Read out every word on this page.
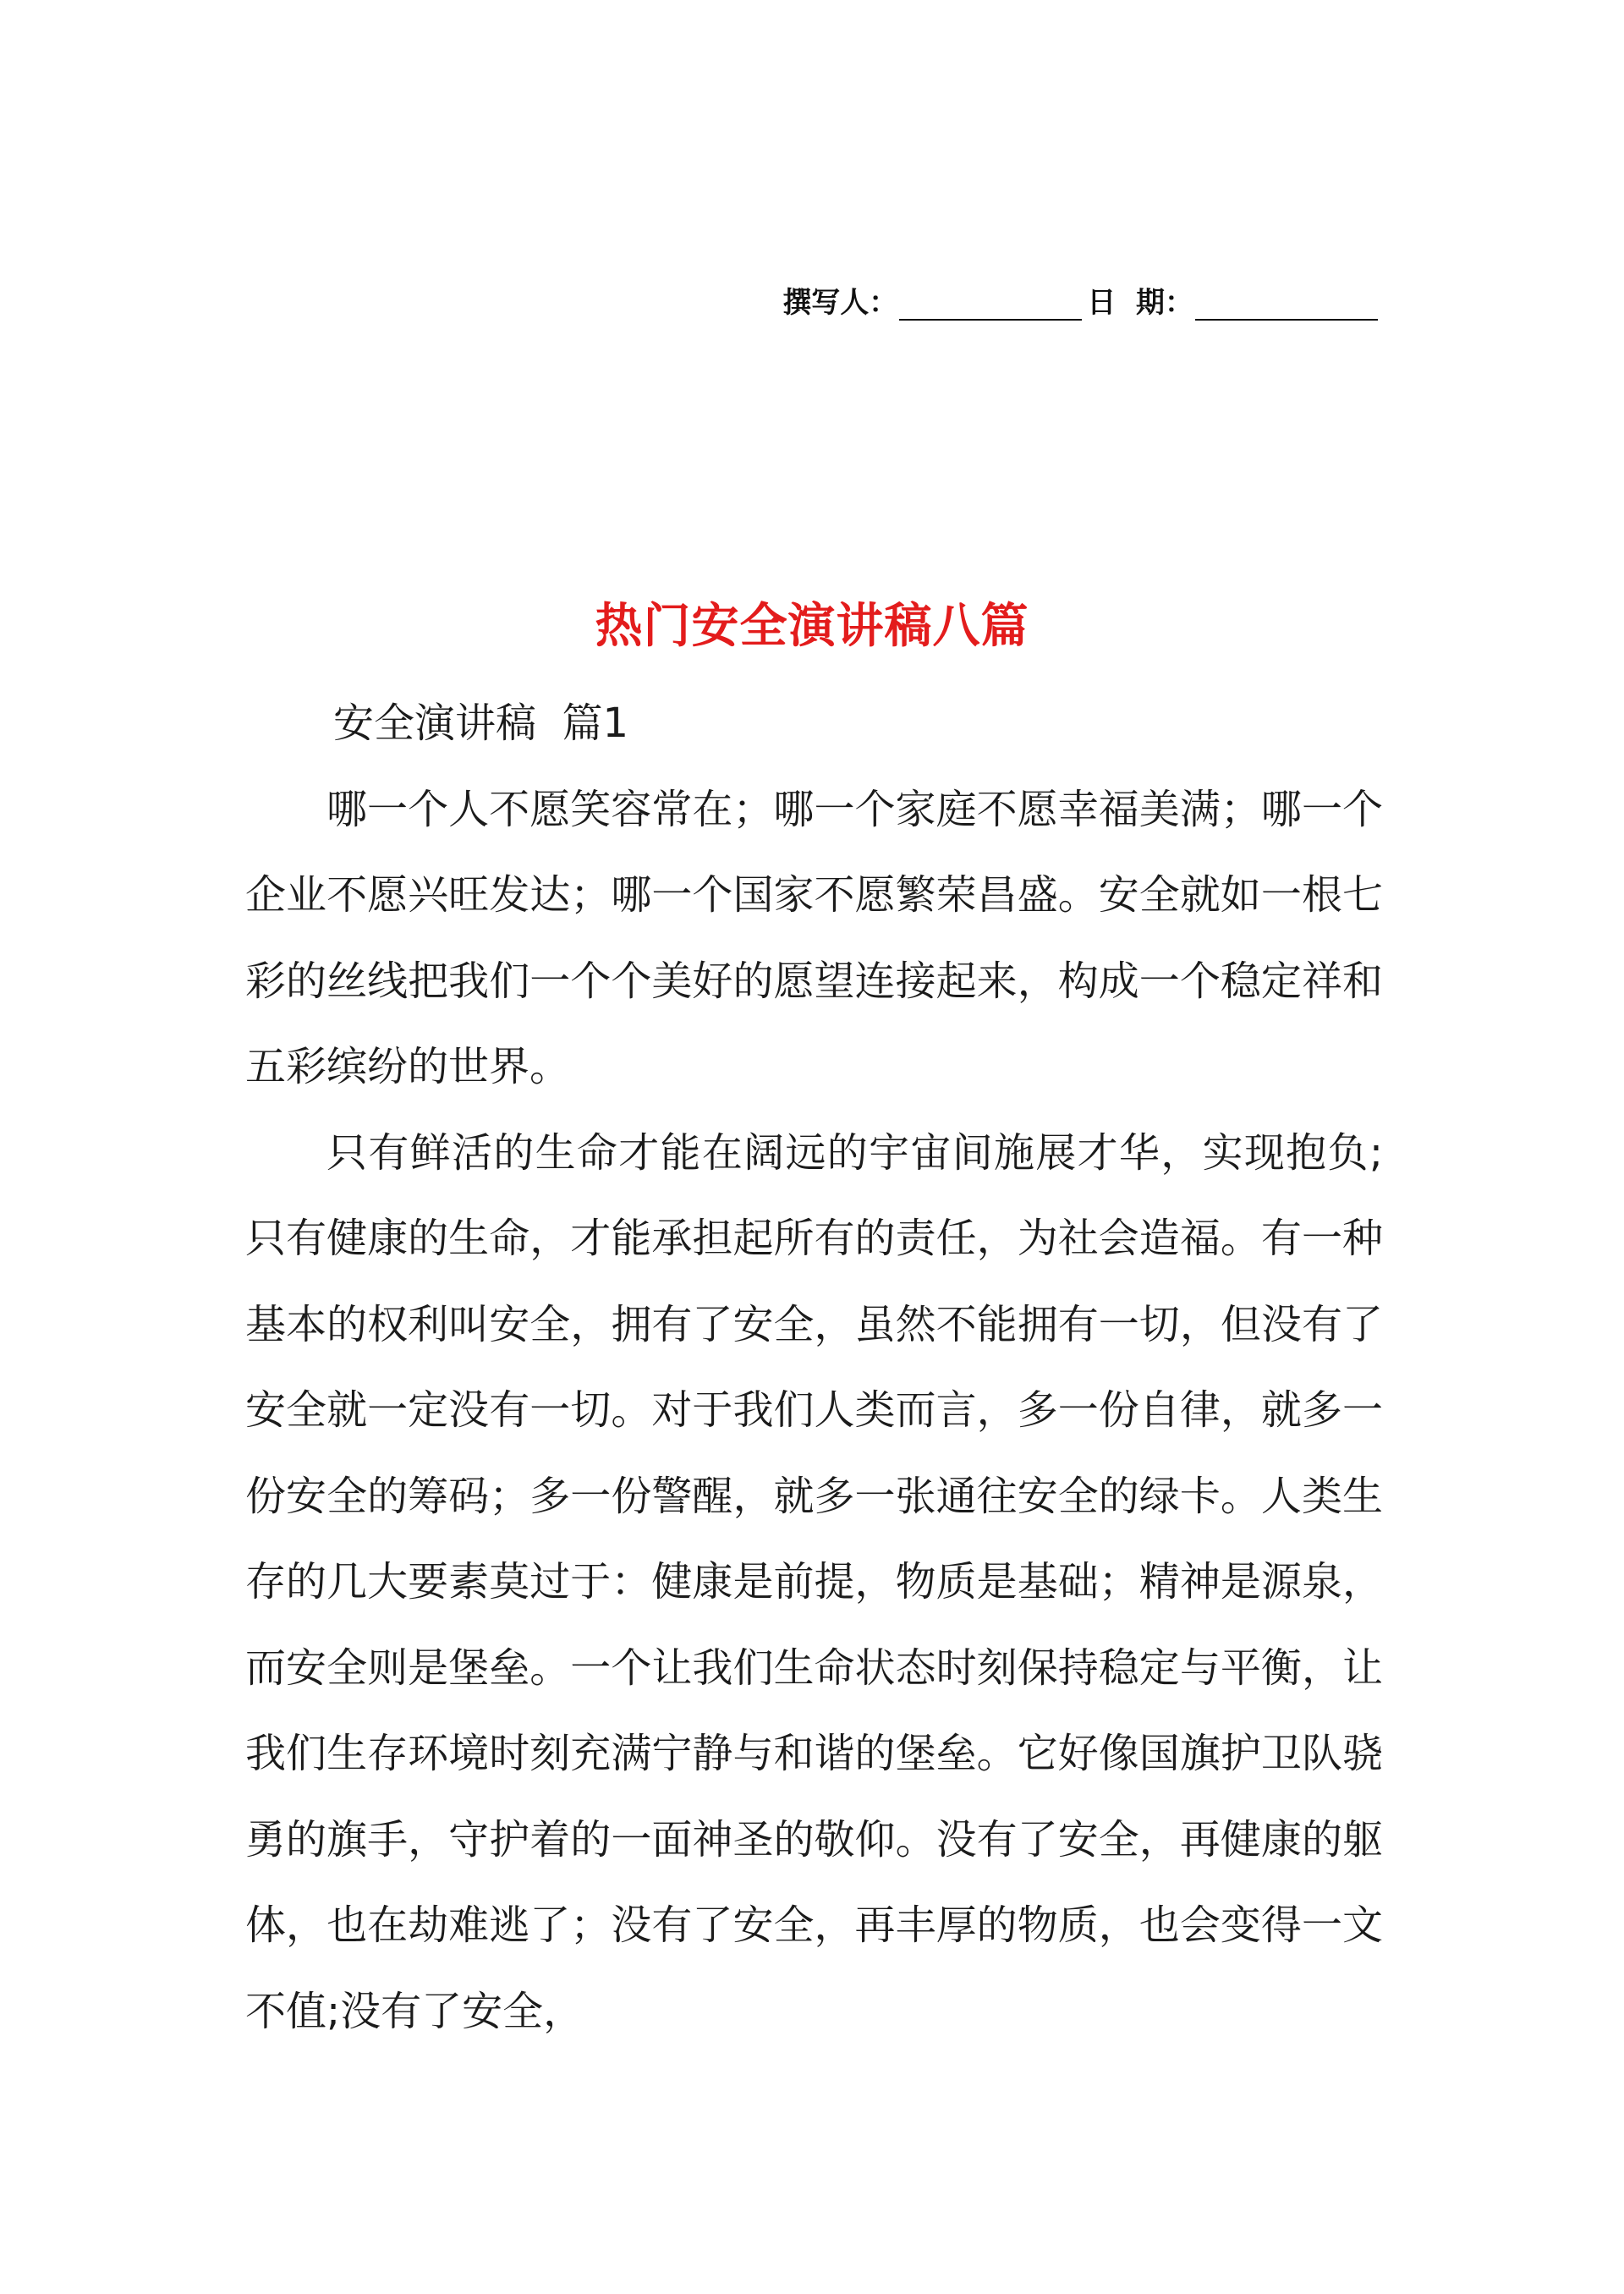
撰写人：	日  期：
热门安全演讲稿八篇
安全演讲稿  篇1

哪一个人不愿笑容常在；哪一个家庭不愿幸福美满；哪一个企业不愿兴旺发达；哪一个国家不愿繁荣昌盛。安全就如一根七彩的丝线把我们一个个美好的愿望连接起来，构成一个稳定祥和五彩缤纷的世界。

只有鲜活的生命才能在阔远的宇宙间施展才华，实现抱负;只有健康的生命，才能承担起所有的责任，为社会造福。有一种基本的权利叫安全，拥有了安全，虽然不能拥有一切，但没有了安全就一定没有一切。对于我们人类而言，多一份自律，就多一份安全的筹码；多一份警醒，就多一张通往安全的绿卡。人类生存的几大要素莫过于：健康是前提，物质是基础；精神是源泉，而安全则是堡垒。一个让我们生命状态时刻保持稳定与平衡，让我们生存环境时刻充满宁静与和谐的堡垒。它好像国旗护卫队骁勇的旗手，守护着的一面神圣的敬仰。没有了安全，再健康的躯体，也在劫难逃了；没有了安全，再丰厚的物质，也会变得一文不值;没有了安全，
